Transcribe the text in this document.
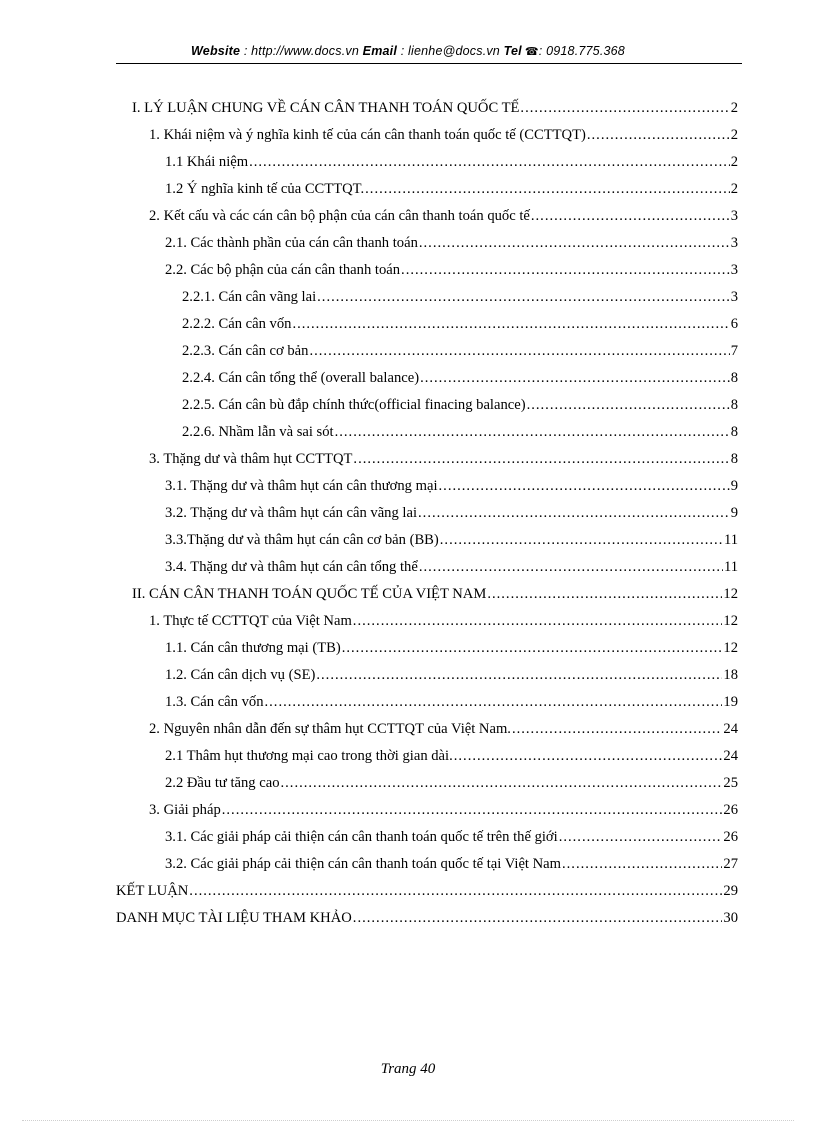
Website : http://www.docs.vn Email : lienhe@docs.vn Tel ☎: 0918.775.368
I. LÝ LUẬN CHUNG VỀ CÁN CÂN THANH TOÁN QUỐC TẾ .....	2
1. Khái niệm và ý nghĩa kinh tế của cán cân thanh toán quốc tế (CCTTQT) .....	2
1.1 Khái niệm .....	2
1.2 Ý nghĩa kinh tế của CCTTQT. .....	2
2. Kết cấu và các cán cân bộ phận của cán cân thanh toán quốc tế .....	3
2.1. Các thành phần của cán cân thanh toán .....	3
2.2. Các bộ phận của cán cân thanh toán .....	3
2.2.1. Cán cân vãng lai .....	3
2.2.2. Cán cân vốn .....	6
2.2.3. Cán cân cơ bản .....	7
2.2.4. Cán cân tổng thể (overall balance) .....	8
2.2.5. Cán cân bù đắp chính thức(official finacing balance) .....	8
2.2.6. Nhầm lẫn và sai sót .....	8
3. Thặng dư và thâm hụt CCTTQT .....	8
3.1. Thặng dư và thâm hụt cán cân thương mại .....	9
3.2. Thặng dư và thâm hụt cán cân vãng lai .....	9
3.3.Thặng dư và thâm hụt cán cân cơ bản (BB) .....	11
3.4. Thặng dư và thâm hụt cán cân tổng thể .....	11
II. CÁN CÂN THANH TOÁN QUỐC TẾ CỦA VIỆT NAM .....	12
1. Thực tế CCTTQT của Việt Nam .....	12
1.1. Cán cân thương mại (TB) .....	12
1.2. Cán cân dịch vụ (SE) .....	18
1.3. Cán cân vốn .....	19
2. Nguyên nhân dẫn đến sự thâm hụt CCTTQT của Việt Nam. .....	24
2.1 Thâm hụt thương mại cao trong thời gian dài. .....	24
2.2 Đầu tư tăng cao .....	25
3. Giải pháp .....	26
3.1. Các giải pháp cải thiện cán cân thanh toán quốc tế trên thế giới .....	26
3.2. Các giải pháp cải thiện cán cân thanh toán quốc tế tại Việt Nam .....	27
KẾT LUẬN .....	29
DANH MỤC TÀI LIỆU THAM KHẢO .....	30
Trang 40
